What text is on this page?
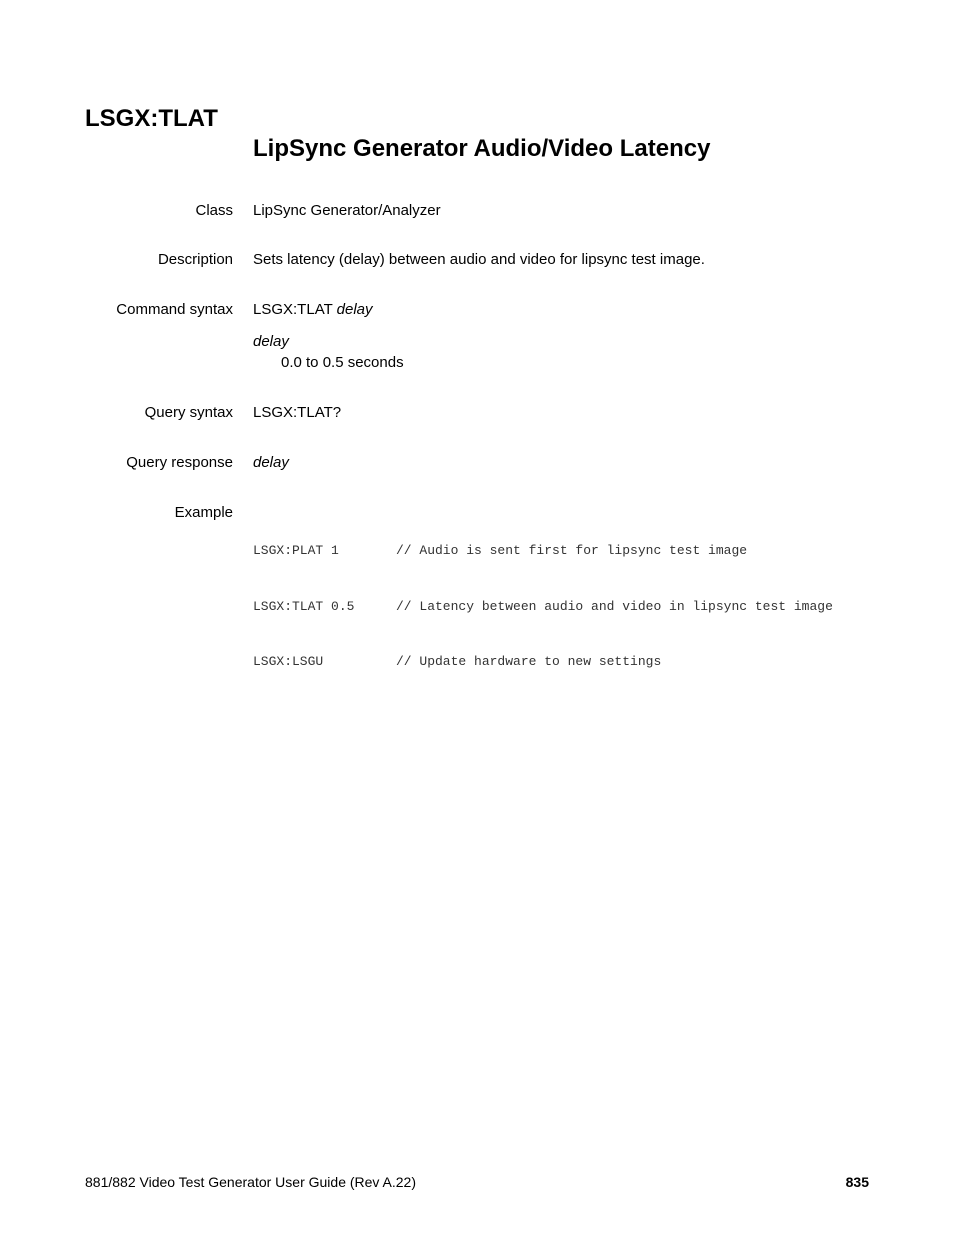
LSGX:TLAT
LipSync Generator Audio/Video Latency
Class LipSync Generator/Analyzer
Description Sets latency (delay) between audio and video for lipsync test image.
Command syntax LSGX:TLAT delay
delay
0.0 to 0.5 seconds
Query syntax LSGX:TLAT?
Query response delay
Example

LSGX:PLAT 1	// Audio is sent first for lipsync test image

LSGX:TLAT 0.5	// Latency between audio and video in lipsync test image

LSGX:LSGU	// Update hardware to new settings

881/882 Video Test Generator User Guide (Rev A.22)	835
